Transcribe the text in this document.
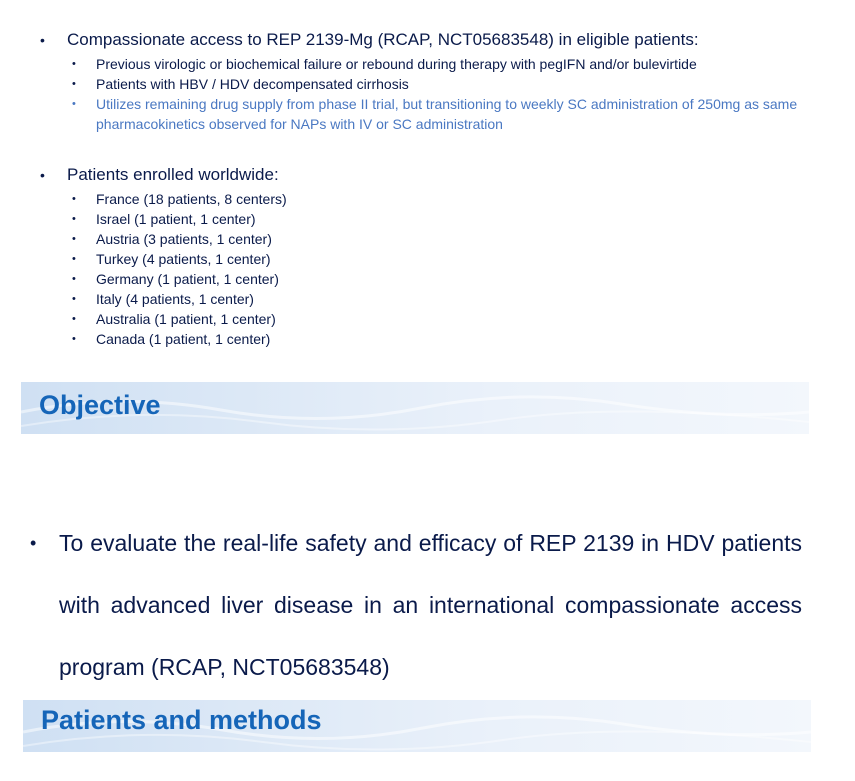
•	Compassionate access to REP 2139-Mg (RCAP, NCT05683548) in eligible patients:
•	Previous virologic or biochemical failure or rebound during therapy with pegIFN and/or bulevirtide
•	Patients with HBV / HDV decompensated cirrhosis
•	Utilizes remaining drug supply from phase II trial, but transitioning to weekly SC administration of 250mg as same pharmacokinetics observed for NAPs with IV or SC administration
•	Patients enrolled worldwide:
•	France (18 patients, 8 centers)
•	Israel (1 patient, 1 center)
•	Austria (3 patients, 1 center)
•	Turkey (4 patients, 1 center)
•	Germany (1 patient, 1 center)
•	Italy (4 patients, 1 center)
•	Australia (1 patient, 1 center)
•	Canada (1 patient, 1 center)
Objective
• To evaluate the real-life safety and efficacy of REP 2139 in HDV patients with advanced liver disease in an international compassionate access program (RCAP, NCT05683548)
Patients and methods
